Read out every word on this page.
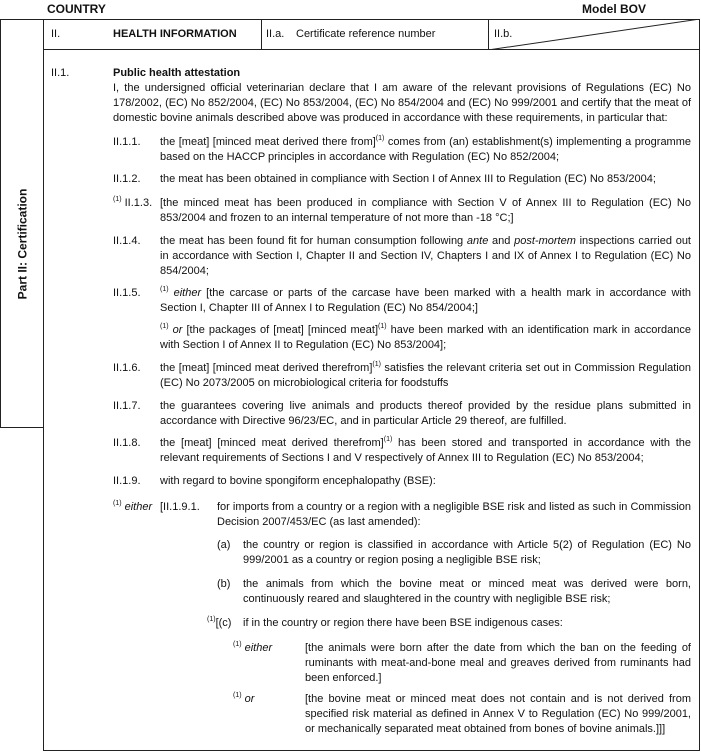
COUNTRY	Model BOV
Part II: Certification
II.	HEALTH INFORMATION	II.a. Certificate reference number	II.b.
II.1.	Public health attestation
I, the undersigned official veterinarian declare that I am aware of the relevant provisions of Regulations (EC) No 178/2002, (EC) No 852/2004, (EC) No 853/2004, (EC) No 854/2004 and (EC) No 999/2001 and certify that the meat of domestic bovine animals described above was produced in accordance with these requirements, in particular that:
II.1.1. the [meat] [minced meat derived there from]$^{(1)}$ comes from (an) establishment(s) implementing a programme based on the HACCP principles in accordance with Regulation (EC) No 852/2004;
II.1.2. the meat has been obtained in compliance with Section I of Annex III to Regulation (EC) No 853/2004;
$^{(1)}$ II.1.3. [the minced meat has been produced in compliance with Section V of Annex III to Regulation (EC) No 853/2004 and frozen to an internal temperature of not more than -18 °C;]
II.1.4. the meat has been found fit for human consumption following ante and post-mortem inspections carried out in accordance with Section I, Chapter II and Section IV, Chapters I and IX of Annex I to Regulation (EC) No 854/2004;
II.1.5.	$^{(1)}$ either [the carcase or parts of the carcase have been marked with a health mark in accordance with Section I, Chapter III of Annex I to Regulation (EC) No 854/2004;]
$^{(1)}$ or [the packages of [meat] [minced meat]$^{(1)}$ have been marked with an identification mark in accordance with Section I of Annex II to Regulation (EC) No 853/2004];
II.1.6. the [meat] [minced meat derived therefrom]$^{(1)}$ satisfies the relevant criteria set out in Commission Regulation (EC) No 2073/2005 on microbiological criteria for foodstuffs
II.1.7. the guarantees covering live animals and products thereof provided by the residue plans submitted in accordance with Directive 96/23/EC, and in particular Article 29 thereof, are fulfilled.
II.1.8. the [meat] [minced meat derived therefrom]$^{(1)}$ has been stored and transported in accordance with the relevant requirements of Sections I and V respectively of Annex III to Regulation (EC) No 853/2004;
II.1.9. with regard to bovine spongiform encephalopathy (BSE):
$^{(1)}$ either [II.1.9.1. for imports from a country or a region with a negligible BSE risk and listed as such in Commission Decision 2007/453/EC (as last amended):
(a) the country or region is classified in accordance with Article 5(2) of Regulation (EC) No 999/2001 as a country or region posing a negligible BSE risk;
(b) the animals from which the bovine meat or minced meat was derived were born, continuously reared and slaughtered in the country with negligible BSE risk;
$^{(1)}$[(c) if in the country or region there have been BSE indigenous cases:
$^{(1)}$ either	[the animals were born after the date from which the ban on the feeding of ruminants with meat-and-bone meal and greaves derived from ruminants had been enforced.]
$^{(1)}$ or	[the bovine meat or minced meat does not contain and is not derived from specified risk material as defined in Annex V to Regulation (EC) No 999/2001, or mechanically separated meat obtained from bones of bovine animals.]]]
